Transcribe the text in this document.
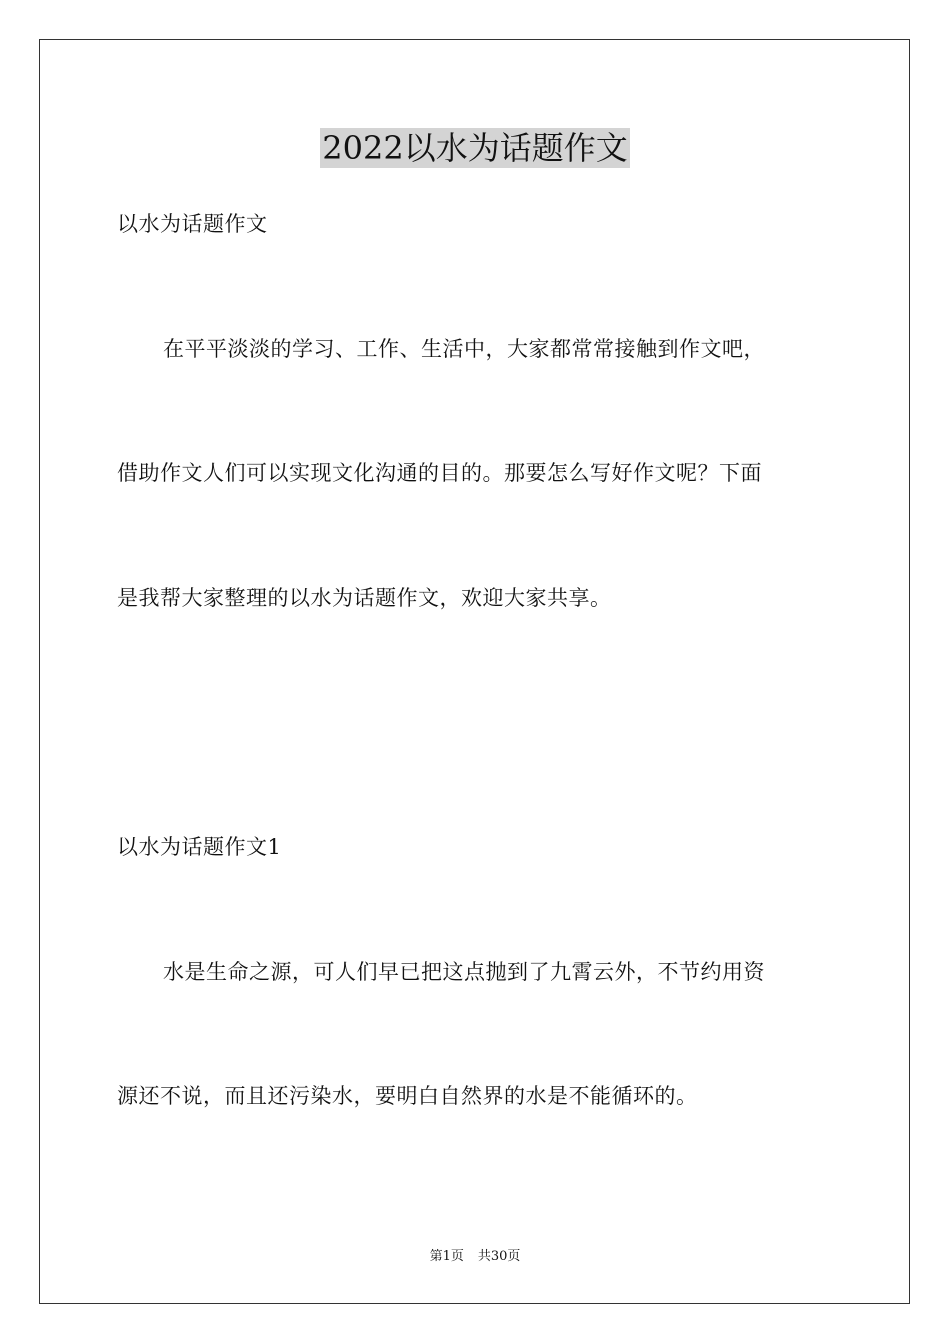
2022以水为话题作文

以水为话题作文

在平平淡淡的学习、工作、生活中，大家都常常接触到作文吧，

借助作文人们可以实现文化沟通的目的。那要怎么写好作文呢？下面

是我帮大家整理的以水为话题作文，欢迎大家共享。

以水为话题作文1

水是生命之源，可人们早已把这点抛到了九霄云外，不节约用资

源还不说，而且还污染水，要明白自然界的水是不能循环的。

第1页 共30页
